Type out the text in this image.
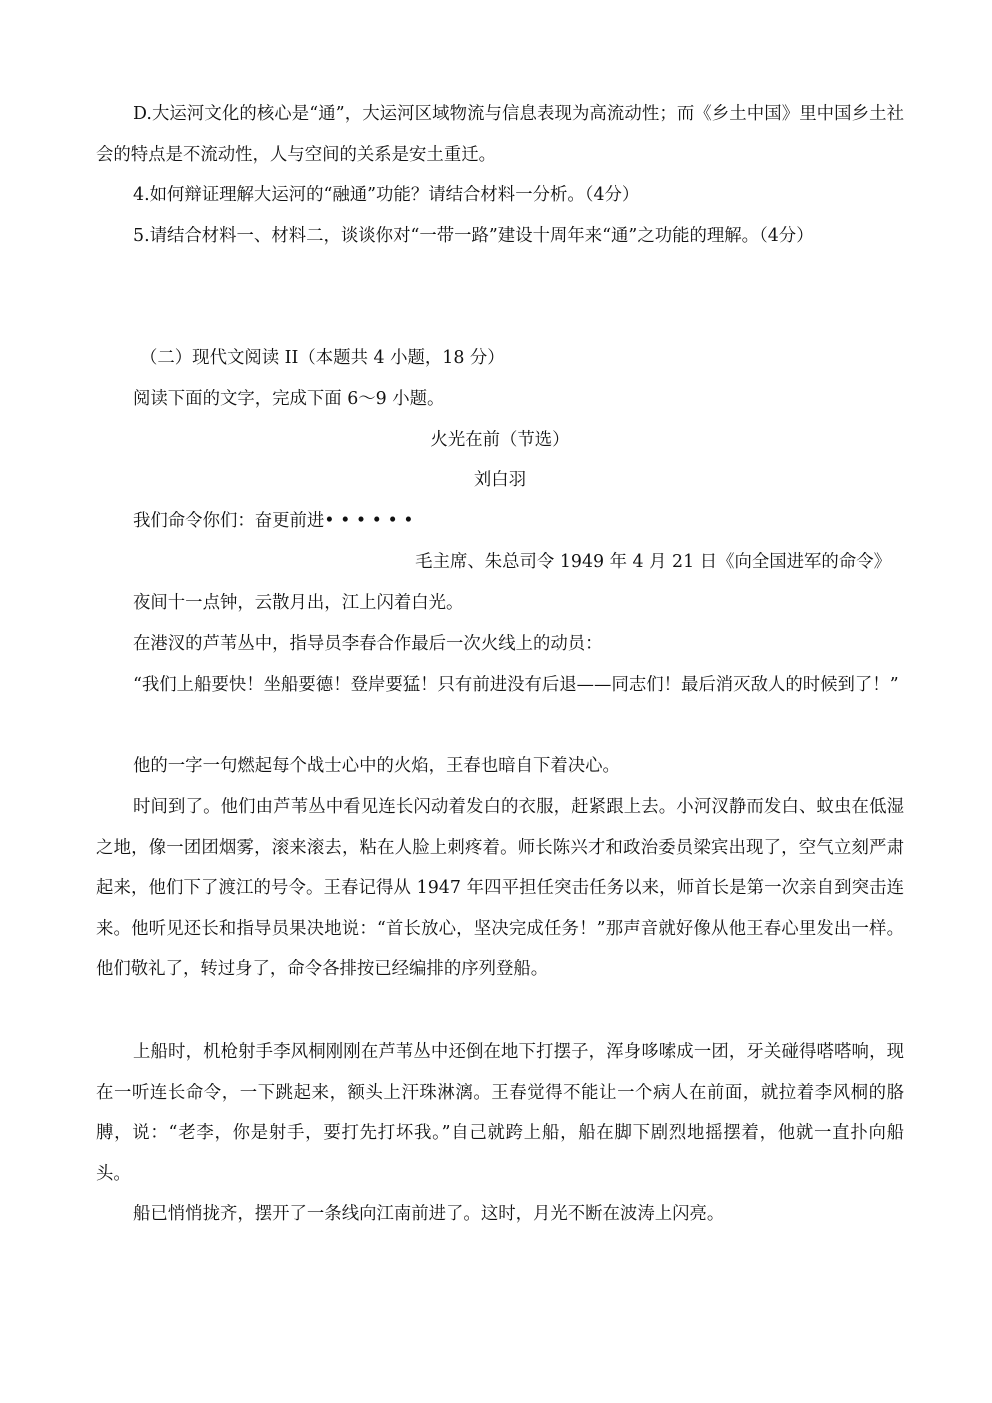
D.大运河文化的核心是“通”，大运河区域物流与信息表现为高流动性；而《乡土中国》里中国乡土社会的特点是不流动性，人与空间的关系是安土重迁。

4.如何辩证理解大运河的“融通”功能？请结合材料一分析。（4分）

5.请结合材料一、材料二，谈谈你对“一带一路”建设十周年来“通”之功能的理解。（4分）

（二）现代文阅读 II（本题共 4 小题，18 分）

阅读下面的文字，完成下面 6～9 小题。

火光在前（节选）

刘白羽

我们命令你们：奋更前进• • • • • •

毛主席、朱总司令 1949 年 4 月 21 日《向全国进军的命令》

夜间十一点钟，云散月出，江上闪着白光。

在港汊的芦苇丛中，指导员李春合作最后一次火线上的动员：

“我们上船要快！坐船要德！登岸要猛！只有前进没有后退——同志们！最后消灭敌人的时候到了！”

他的一字一句燃起每个战士心中的火焰，王春也暗自下着决心。

时间到了。他们由芦苇丛中看见连长闪动着发白的衣服，赶紧跟上去。小河汊静而发白、蚊虫在低湿之地，像一团团烟雾，滚来滚去，粘在人脸上刺疼着。师长陈兴才和政治委员梁宾出现了，空气立刻严肃起来，他们下了渡江的号令。王春记得从 1947 年四平担任突击任务以来，师首长是第一次亲自到突击连来。他听见还长和指导员果决地说：“首长放心，坚决完成任务！”那声音就好像从他王春心里发出一样。他们敬礼了，转过身了，命令各排按已经编排的序列登船。

上船时，机枪射手李风桐刚刚在芦苇丛中还倒在地下打摆子，浑身哆嗦成一团，牙关碰得嗒嗒响，现在一听连长命令，一下跳起来，额头上汗珠淋漓。王春觉得不能让一个病人在前面，就拉着李风桐的胳膊，说：“老李，你是射手，要打先打坏我。”自己就跨上船，船在脚下剧烈地摇摆着，他就一直扑向船头。

船已悄悄拢齐，摆开了一条线向江南前进了。这时，月光不断在波涛上闪亮。
